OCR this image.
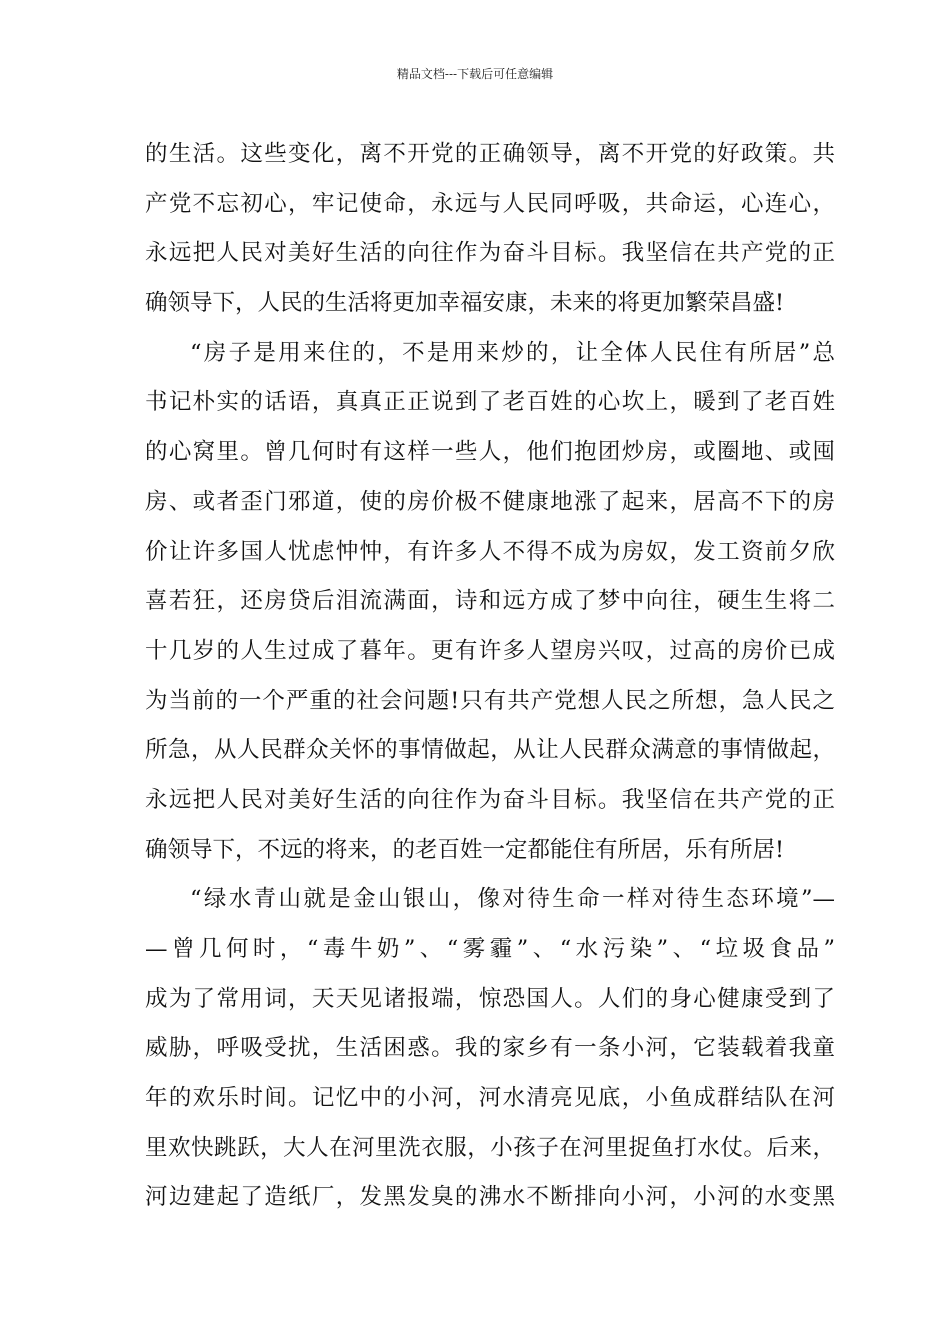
精品文档---下载后可任意编辑
的生活。这些变化，离不开党的正确领导，离不开党的好政策。共
产党不忘初心，牢记使命，永远与人民同呼吸，共命运，心连心，
永远把人民对美好生活的向往作为奋斗目标。我坚信在共产党的正
确领导下，人民的生活将更加幸福安康，未来的将更加繁荣昌盛!
“房子是用来住的，不是用来炒的，让全体人民住有所居”总
书记朴实的话语，真真正正说到了老百姓的心坎上，暖到了老百姓
的心窝里。曾几何时有这样一些人，他们抱团炒房，或圈地、或囤
房、或者歪门邪道，使的房价极不健康地涨了起来，居高不下的房
价让许多国人忧虑忡忡，有许多人不得不成为房奴，发工资前夕欣
喜若狂，还房贷后泪流满面，诗和远方成了梦中向往，硬生生将二
十几岁的人生过成了暮年。更有许多人望房兴叹，过高的房价已成
为当前的一个严重的社会问题!只有共产党想人民之所想，急人民之
所急，从人民群众关怀的事情做起，从让人民群众满意的事情做起，
永远把人民对美好生活的向往作为奋斗目标。我坚信在共产党的正
确领导下，不远的将来，的老百姓一定都能住有所居，乐有所居!
“绿水青山就是金山银山，像对待生命一样对待生态环境”—
—曾几何时，“毒牛奶”、“雾霾”、“水污染”、“垃圾食品”
成为了常用词，天天见诸报端，惊恐国人。人们的身心健康受到了
威胁，呼吸受扰，生活困惑。我的家乡有一条小河，它装载着我童
年的欢乐时间。记忆中的小河，河水清亮见底，小鱼成群结队在河
里欢快跳跃，大人在河里洗衣服，小孩子在河里捉鱼打水仗。后来，
河边建起了造纸厂，发黑发臭的沸水不断排向小河，小河的水变黑
